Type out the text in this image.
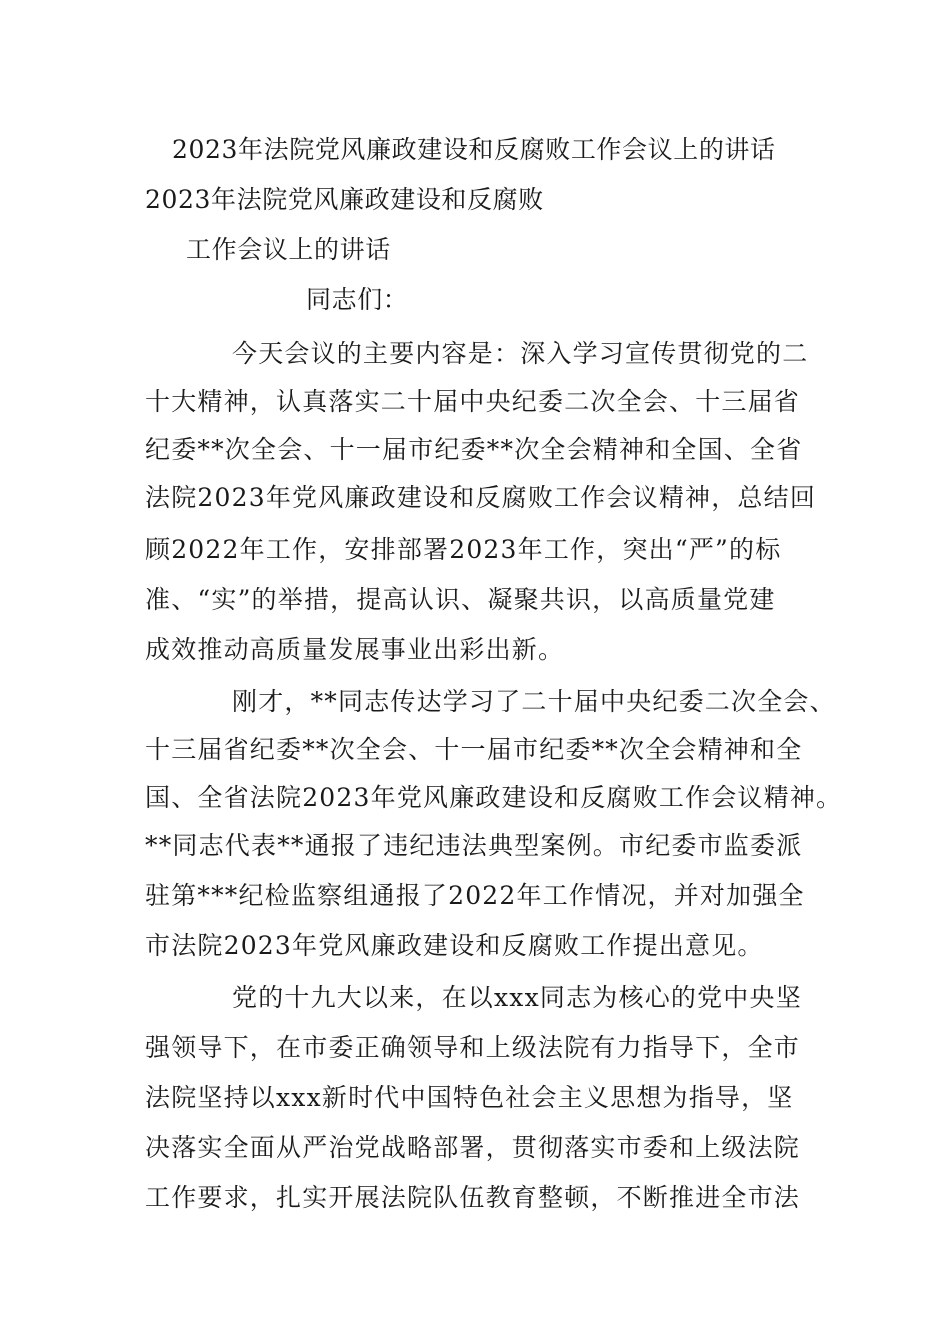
2023年法院党风廉政建设和反腐败工作会议上的讲话
2023年法院党风廉政建设和反腐败
工作会议上的讲话
同志们：
今天会议的主要内容是：深入学习宣传贯彻党的二
十大精神，认真落实二十届中央纪委二次全会、十三届省
纪委**次全会、十一届市纪委**次全会精神和全国、全省
法院2023年党风廉政建设和反腐败工作会议精神，总结回
顾2022年工作，安排部署2023年工作，突出“严”的标
准、“实”的举措，提高认识、凝聚共识，以高质量党建
成效推动高质量发展事业出彩出新。
刚才，**同志传达学习了二十届中央纪委二次全会、
十三届省纪委**次全会、十一届市纪委**次全会精神和全
国、全省法院2023年党风廉政建设和反腐败工作会议精神。
**同志代表**通报了违纪违法典型案例。市纪委市监委派
驻第***纪检监察组通报了2022年工作情况，并对加强全
市法院2023年党风廉政建设和反腐败工作提出意见。
党的十九大以来，在以xxx同志为核心的党中央坚
强领导下，在市委正确领导和上级法院有力指导下，全市
法院坚持以xxx新时代中国特色社会主义思想为指导，坚
决落实全面从严治党战略部署，贯彻落实市委和上级法院
工作要求，扎实开展法院队伍教育整顿，不断推进全市法
